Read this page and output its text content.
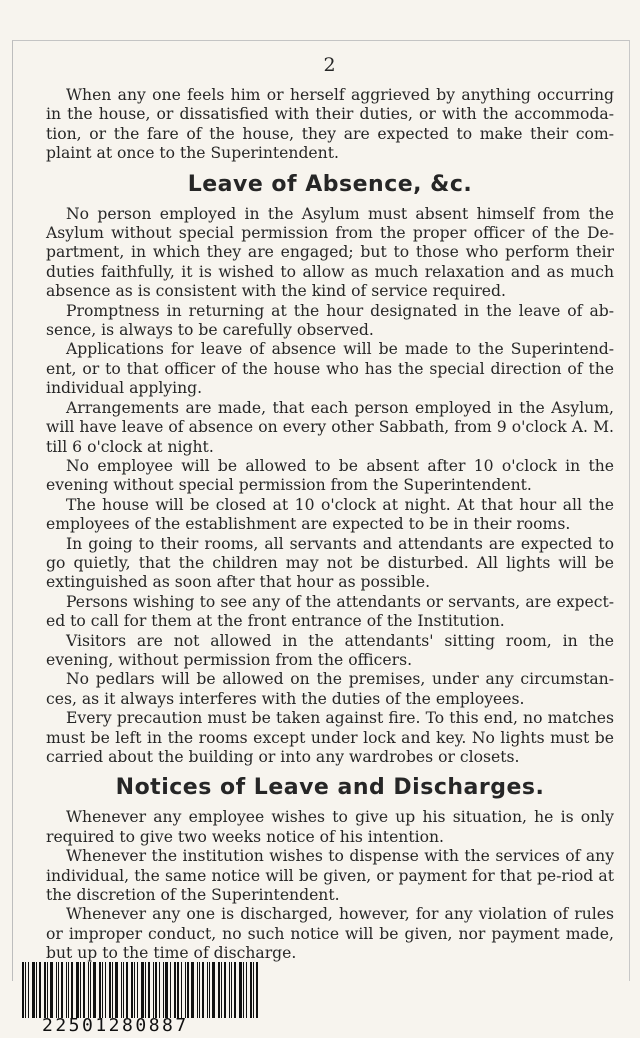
2

When any one feels him or herself aggrieved by anything occurring in the house, or dissatisfied with their duties, or with the accommoda-tion, or the fare of the house, they are expected to make their com-plaint at once to the Superintendent.

Leave of Absence, &c.

No person employed in the Asylum must absent himself from the Asylum without special permission from the proper officer of the De-partment, in which they are engaged; but to those who perform their duties faithfully, it is wished to allow as much relaxation and as much absence as is consistent with the kind of service required.

Promptness in returning at the hour designated in the leave of ab-sence, is always to be carefully observed.

Applications for leave of absence will be made to the Superintend-ent, or to that officer of the house who has the special direction of the individual applying.

Arrangements are made, that each person employed in the Asylum, will have leave of absence on every other Sabbath, from 9 o'clock A. M. till 6 o'clock at night.

No employee will be allowed to be absent after 10 o'clock in the evening without special permission from the Superintendent.

The house will be closed at 10 o'clock at night. At that hour all the employees of the establishment are expected to be in their rooms.

In going to their rooms, all servants and attendants are expected to go quietly, that the children may not be disturbed. All lights will be extinguished as soon after that hour as possible.

Persons wishing to see any of the attendants or servants, are expect-ed to call for them at the front entrance of the Institution.

Visitors are not allowed in the attendants' sitting room, in the evening, without permission from the officers.

No pedlars will be allowed on the premises, under any circumstan-ces, as it always interferes with the duties of the employees.

Every precaution must be taken against fire. To this end, no matches must be left in the rooms except under lock and key. No lights must be carried about the building or into any wardrobes or closets.

Notices of Leave and Discharges.

Whenever any employee wishes to give up his situation, he is only required to give two weeks notice of his intention.

Whenever the institution wishes to dispense with the services of any individual, the same notice will be given, or payment for that pe-riod at the discretion of the Superintendent.

Whenever any one is discharged, however, for any violation of rules or improper conduct, no such notice will be given, nor payment made, but up to the time of discharge.

22501280887
